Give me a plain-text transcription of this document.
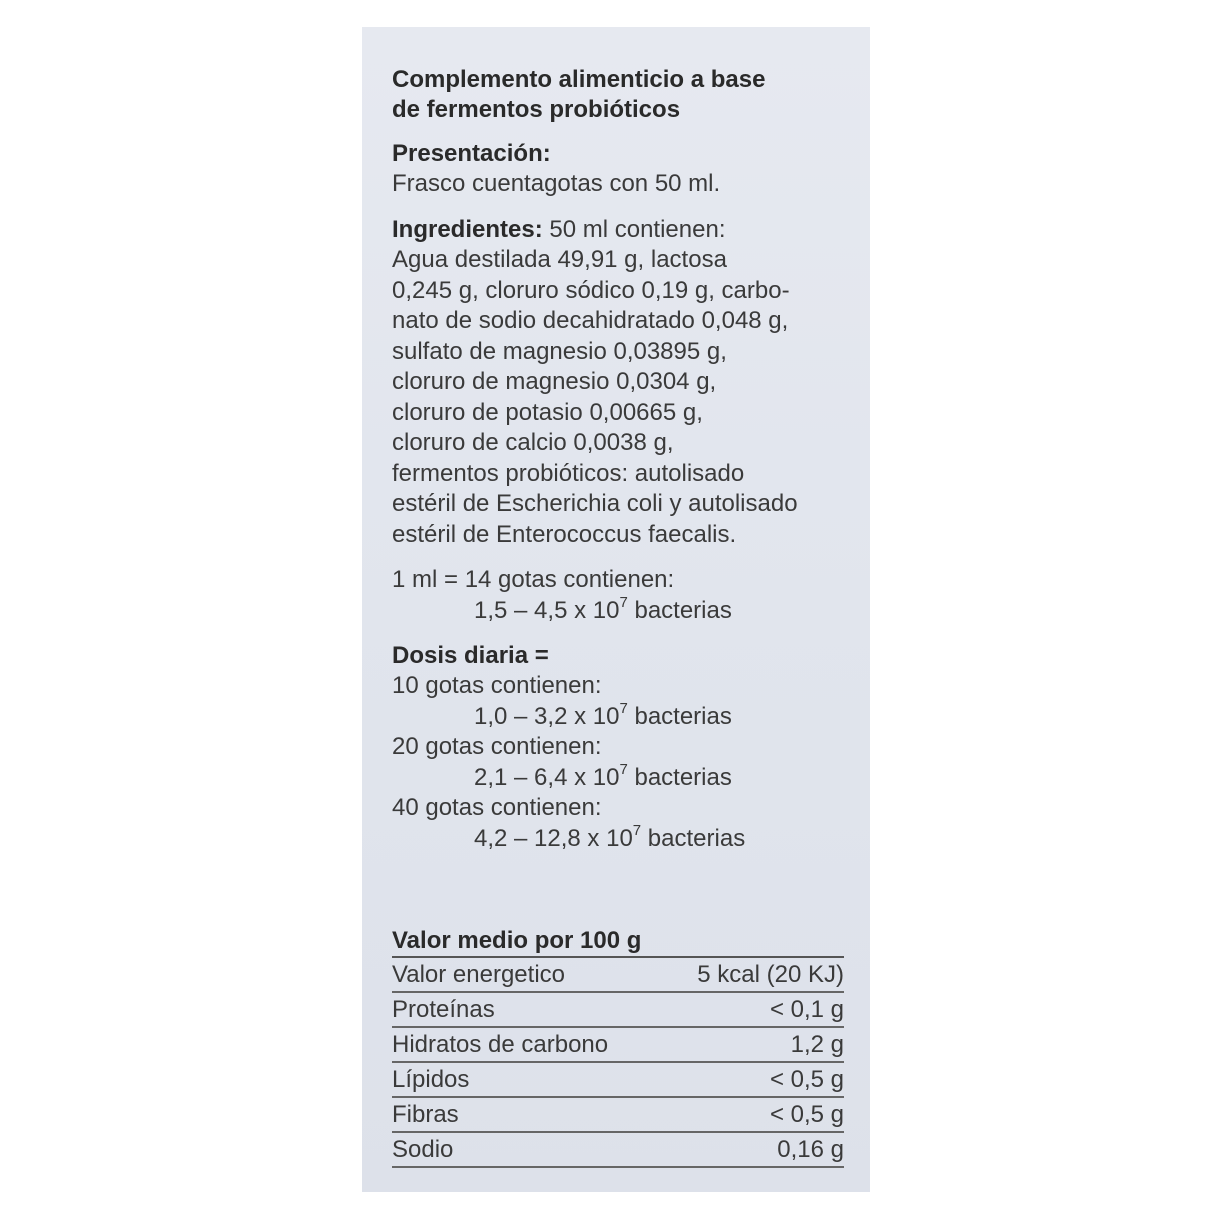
Complemento alimenticio a base
de fermentos probióticos
Presentación:
Frasco cuentagotas con 50 ml.
Ingredientes: 50 ml contienen:
Agua destilada 49,91 g, lactosa
0,245 g, cloruro sódico 0,19 g, carbo-
nato de sodio decahidratado 0,048 g,
sulfato de magnesio 0,03895 g,
cloruro de magnesio 0,0304 g,
cloruro de potasio 0,00665 g,
cloruro de calcio 0,0038 g,
fermentos probióticos: autolisado
estéril de Escherichia coli y autolisado
estéril de Enterococcus faecalis.
1 ml = 14 gotas contienen:
1,5 – 4,5 x $10^7$ bacterias
Dosis diaria =
10 gotas contienen:
1,0 – 3,2 x $10^7$ bacterias
20 gotas contienen:
2,1 – 6,4 x $10^7$ bacterias
40 gotas contienen:
4,2 – 12,8 x $10^7$ bacterias
Valor medio por 100 g
Valor energetico	5 kcal (20 KJ)
Proteínas	< 0,1 g
Hidratos de carbono	1,2 g
Lípidos	< 0,5 g
Fibras	< 0,5 g
Sodio	0,16 g
